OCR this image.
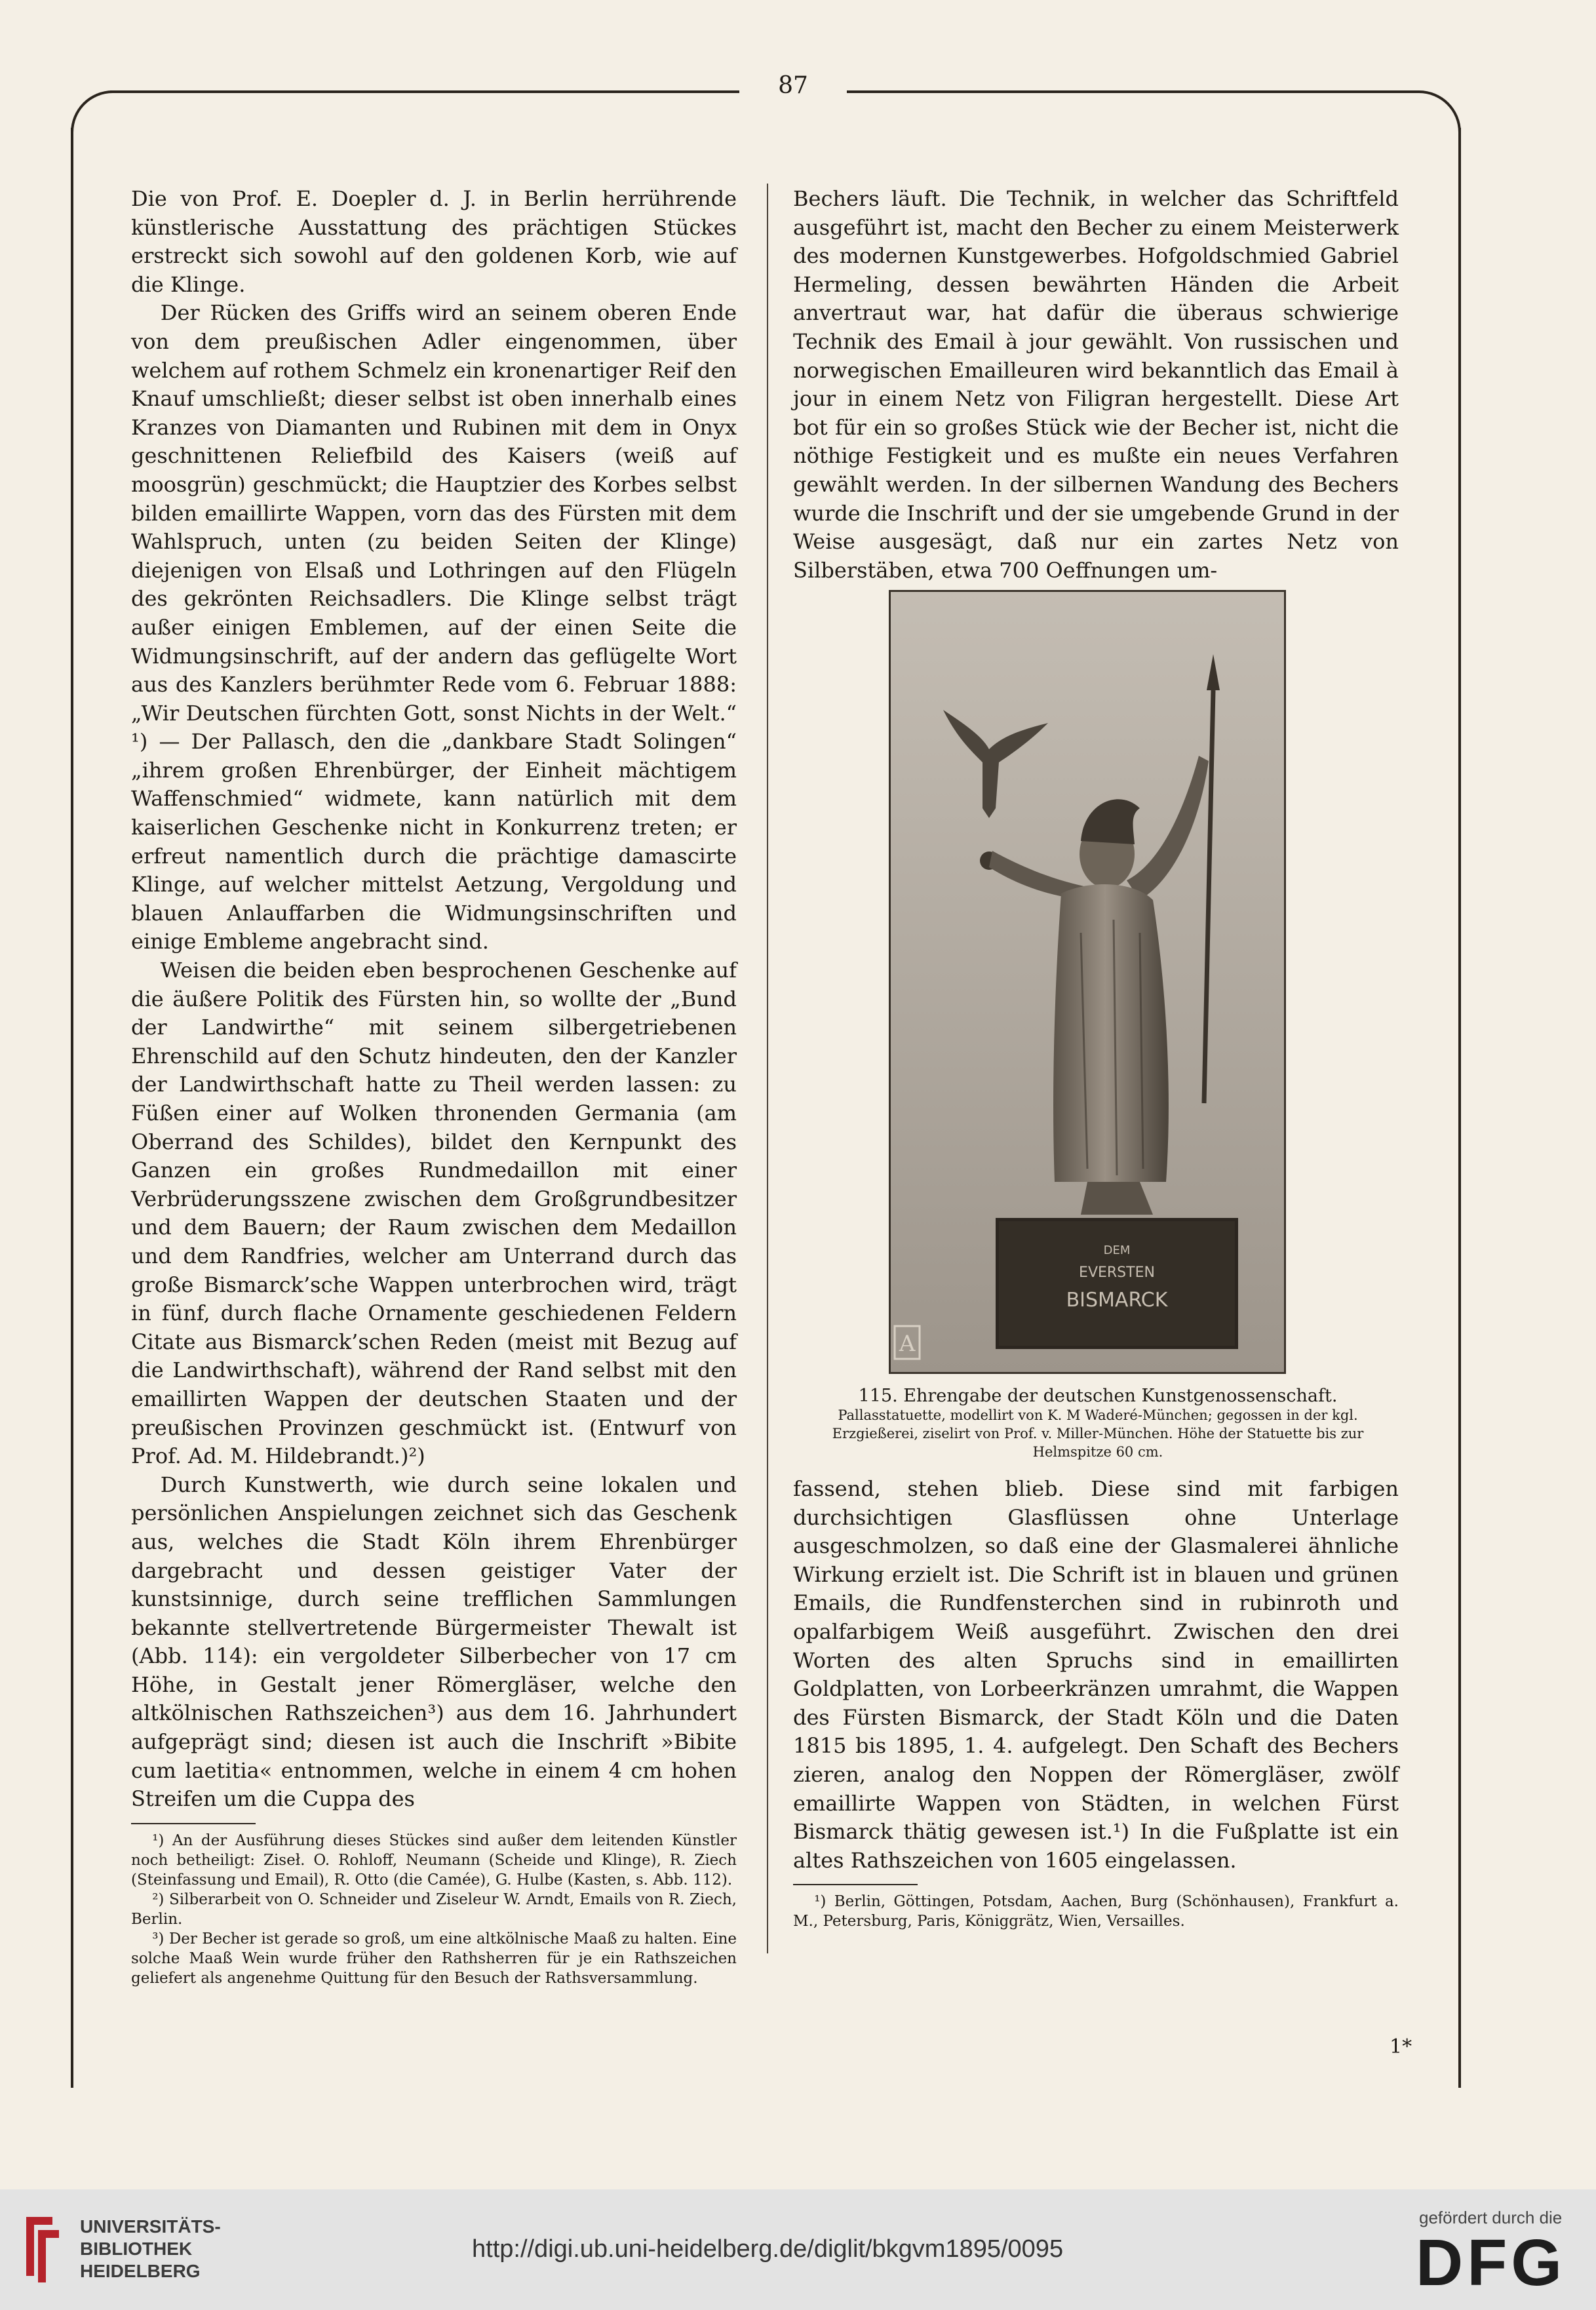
87

Die von Prof. E. Doepler d. J. in Berlin herrührende künstlerische Ausstattung des prächtigen Stückes erstreckt sich sowohl auf den goldenen Korb, wie auf die Klinge.

Der Rücken des Griffs wird an seinem oberen Ende von dem preußischen Adler eingenommen, über welchem auf rothem Schmelz ein kronenartiger Reif den Knauf umschließt; dieser selbst ist oben innerhalb eines Kranzes von Diamanten und Rubinen mit dem in Onyx geschnittenen Reliefbild des Kaisers (weiß auf moosgrün) geschmückt; die Hauptzier des Korbes selbst bilden emaillirte Wappen, vorn das des Fürsten mit dem Wahlspruch, unten (zu beiden Seiten der Klinge) diejenigen von Elsaß und Lothringen auf den Flügeln des gekrönten Reichsadlers. Die Klinge selbst trägt außer einigen Emblemen, auf der einen Seite die Widmungsinschrift, auf der andern das geflügelte Wort aus des Kanzlers berühmter Rede vom 6. Februar 1888: „Wir Deutschen fürchten Gott, sonst Nichts in der Welt.“ ¹) — Der Pallasch, den die „dankbare Stadt Solingen“ „ihrem großen Ehrenbürger, der Einheit mächtigem Waffenschmied“ widmete, kann natürlich mit dem kaiserlichen Geschenke nicht in Konkurrenz treten; er erfreut namentlich durch die prächtige damascirte Klinge, auf welcher mittelst Aetzung, Vergoldung und blauen Anlauffarben die Widmungsinschriften und einige Embleme angebracht sind.

Weisen die beiden eben besprochenen Geschenke auf die äußere Politik des Fürsten hin, so wollte der „Bund der Landwirthe“ mit seinem silbergetriebenen Ehrenschild auf den Schutz hindeuten, den der Kanzler der Landwirthschaft hatte zu Theil werden lassen: zu Füßen einer auf Wolken thronenden Germania (am Oberrand des Schildes), bildet den Kernpunkt des Ganzen ein großes Rundmedaillon mit einer Verbrüderungsszene zwischen dem Großgrundbesitzer und dem Bauern; der Raum zwischen dem Medaillon und dem Randfries, welcher am Unterrand durch das große Bismarck’sche Wappen unterbrochen wird, trägt in fünf, durch flache Ornamente geschiedenen Feldern Citate aus Bismarck’schen Reden (meist mit Bezug auf die Landwirthschaft), während der Rand selbst mit den emaillirten Wappen der deutschen Staaten und der preußischen Provinzen geschmückt ist. (Entwurf von Prof. Ad. M. Hildebrandt.)²)

Durch Kunstwerth, wie durch seine lokalen und persönlichen Anspielungen zeichnet sich das Geschenk aus, welches die Stadt Köln ihrem Ehrenbürger dargebracht und dessen geistiger Vater der kunstsinnige, durch seine trefflichen Sammlungen bekannte stellvertretende Bürgermeister Thewalt ist (Abb. 114): ein vergoldeter Silberbecher von 17 cm Höhe, in Gestalt jener Römergläser, welche den altkölnischen Rathszeichen³) aus dem 16. Jahrhundert aufgeprägt sind; diesen ist auch die Inschrift »Bibite cum laetitia« entnommen, welche in einem 4 cm hohen Streifen um die Cuppa des

¹) An der Ausführung dieses Stückes sind außer dem leitenden Künstler noch betheiligt: Ziseł. O. Rohloff, Neumann (Scheide und Klinge), R. Ziech (Steinfassung und Email), R. Otto (die Camée), G. Hulbe (Kasten, s. Abb. 112).

²) Silberarbeit von O. Schneider und Ziseleur W. Arndt, Emails von R. Ziech, Berlin.

³) Der Becher ist gerade so groß, um eine altkölnische Maaß zu halten. Eine solche Maaß Wein wurde früher den Rathsherren für je ein Rathszeichen geliefert als angenehme Quittung für den Besuch der Rathsversammlung.

Bechers läuft. Die Technik, in welcher das Schriftfeld ausgeführt ist, macht den Becher zu einem Meisterwerk des modernen Kunstgewerbes. Hofgoldschmied Gabriel Hermeling, dessen bewährten Händen die Arbeit anvertraut war, hat dafür die überaus schwierige Technik des Email à jour gewählt. Von russischen und norwegischen Emailleuren wird bekanntlich das Email à jour in einem Netz von Filigran hergestellt. Diese Art bot für ein so großes Stück wie der Becher ist, nicht die nöthige Festigkeit und es mußte ein neues Verfahren gewählt werden. In der silbernen Wandung des Bechers wurde die Inschrift und der sie umgebende Grund in der Weise ausgesägt, daß nur ein zartes Netz von Silberstäben, etwa 700 Oeffnungen um-

DEM
EVERSTEN
BISMARCK
A
115. Ehrengabe der deutschen Kunstgenossenschaft.
Pallasstatuette, modellirt von K. M Waderé-München; gegossen in der kgl. Erzgießerei, ziselirt von Prof. v. Miller-München. Höhe der Statuette bis zur Helmspitze 60 cm.

fassend, stehen blieb. Diese sind mit farbigen durchsichtigen Glasflüssen ohne Unterlage ausgeschmolzen, so daß eine der Glasmalerei ähnliche Wirkung erzielt ist. Die Schrift ist in blauen und grünen Emails, die Rundfensterchen sind in rubinroth und opalfarbigem Weiß ausgeführt. Zwischen den drei Worten des alten Spruchs sind in emaillirten Goldplatten, von Lorbeerkränzen umrahmt, die Wappen des Fürsten Bismarck, der Stadt Köln und die Daten 1815 bis 1895, 1. 4. aufgelegt. Den Schaft des Bechers zieren, analog den Noppen der Römergläser, zwölf emaillirte Wappen von Städten, in welchen Fürst Bismarck thätig gewesen ist.¹) In die Fußplatte ist ein altes Rathszeichen von 1605 eingelassen.

¹) Berlin, Göttingen, Potsdam, Aachen, Burg (Schönhausen), Frankfurt a. M., Petersburg, Paris, Königgrätz, Wien, Versailles.

1*
UNIVERSITÄTS-
BIBLIOTHEK
HEIDELBERG
http://digi.ub.uni-heidelberg.de/diglit/bkgvm1895/0095
gefördert durch die
DFG
